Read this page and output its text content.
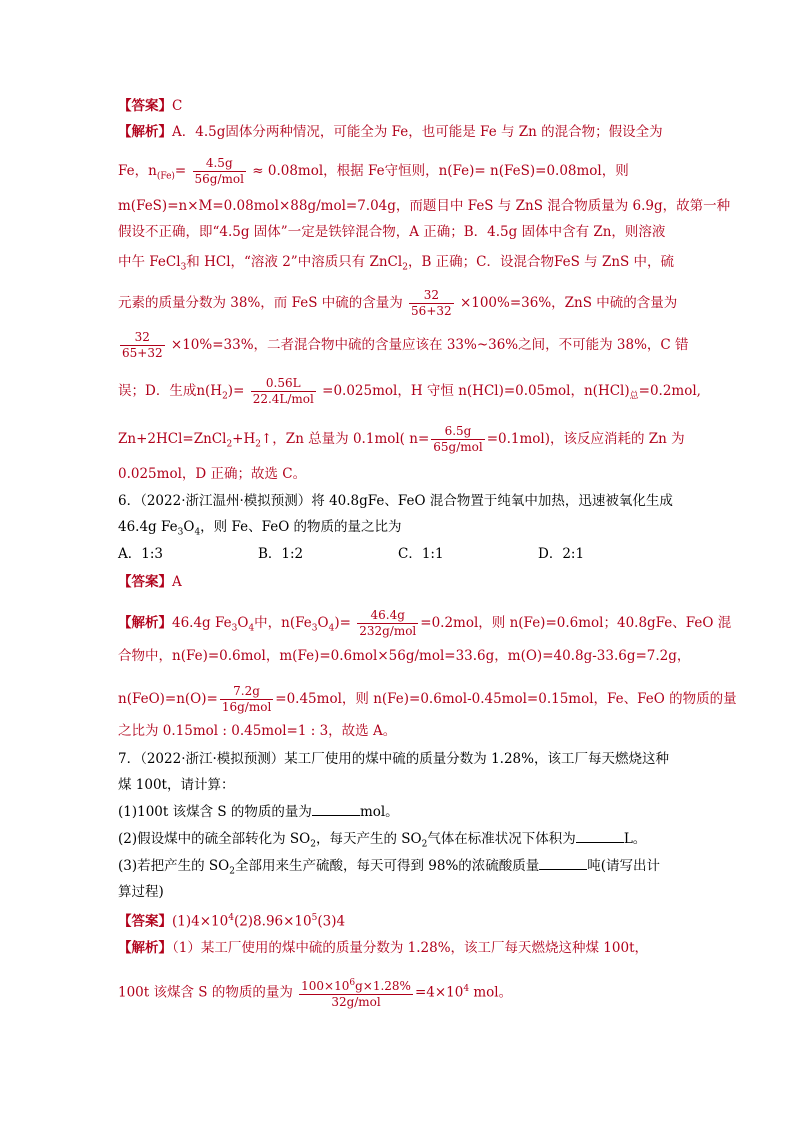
【答案】C
【解析】A．4.5g固体分两种情况，可能全为 Fe，也可能是 Fe 与 Zn 的混合物；假设全为
Fe，$n_{(Fe)}= \frac{4.5g}{\text{56g/mol}} \approx 0.08mol$，根据 Fe守恒则，n(Fe)= n(FeS)=0.08mol，则
m(FeS)=n×M=0.08mol×88g/mol=7.04g，而题目中 FeS 与 ZnS 混合物质量为 6.9g，故第一种
假设不正确，即“4.5g 固体”一定是铁锌混合物，A 正确；B．4.5g 固体中含有 Zn，则溶液
中午 FeCl$_3$和 HCl，“溶液 2”中溶质只有 ZnCl$_2$，B 正确；C．设混合物FeS 与 ZnS 中，硫
元素的质量分数为 38%，而 FeS 中硫的含量为 $\frac{32}{56+32} \times 100\%=36\%$，ZnS 中硫的含量为
$\frac{32}{65+32} \times 10\%=33\%$，二者混合物中硫的含量应该在 33%~36%之间，不可能为 38%，C 错
误；D．生成$n(H_2)= \frac{0.56L}{\text{22.4L/mol}} =0.025mol$，H 守恒 n(HCl)=0.05mol，$n(HCl)_总=0.2mol$,
$Zn+2HCl=ZnCl_2+H_2↑$，Zn 总量为 0.1mol( $n= \frac{6.5g}{\text{65g/mol}} =0.1mol$)，该反应消耗的 Zn 为
0.025mol，D 正确；故选 C。
6．（2022·浙江温州·模拟预测）将 40.8gFe、FeO 混合物置于纯氧中加热，迅速被氧化生成
46.4g $Fe_3O_4$，则 Fe、FeO 的物质的量之比为
A．1:3	B．1:2	C．1:1	D．2:1
【答案】A
【解析】46.4g $Fe_3O_4$中，$n(Fe_3O_4)= \frac{46.4g}{\text{232g/mol}} =0.2mol$，则 n(Fe)=0.6mol；40.8gFe、FeO 混
合物中，n(Fe)=0.6mol，m(Fe)=0.6mol×56g/mol=33.6g，m(O)=40.8g-33.6g=7.2g，
$n(FeO)=n(O)= \frac{7.2g}{\text{16g/mol}} =0.45mol$，则 n(Fe)=0.6mol-0.45mol=0.15mol，Fe、FeO 的物质的量
之比为 0.15mol : 0.45mol=1 : 3，故选 A。
7．（2022·浙江·模拟预测）某工厂使用的煤中硫的质量分数为 1.28%，该工厂每天燃烧这种
煤 100t，请计算：
(1)100t 该煤含 S 的物质的量为	mol。
(2)假设煤中的硫全部转化为 $SO_2$，每天产生的 $SO_2$气体在标准状况下体积为	L。
(3)若把产生的 $SO_2$全部用来生产硫酸，每天可得到 98%的浓硫酸质量	吨(请写出计
算过程)
【答案】$(1)4\times 10^4(2)8.96\times 10^5(3)4$
【解析】（1）某工厂使用的煤中硫的质量分数为 1.28%，该工厂每天燃烧这种煤 100t，
100t 该煤含 S 的物质的量为 $\frac{100\times 10^6g\times 1.28\%}{\text{32g/mol}} =4\times 10^4$ mol。
